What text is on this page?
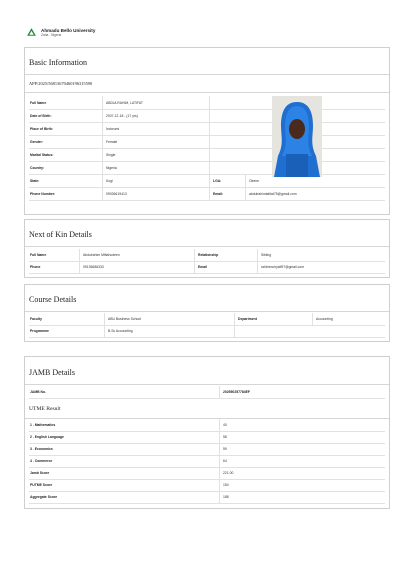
Ahmadu Bello University
Zaria - Nigeria
Basic Information
APP/2025/56813670460196315590
Full Name	ABDULRAHIM, LATIFAT
Date of Birth:	2007-12-18 - (17 yrs)
Place of Birth:	Indorumi
Gender:	Female
Marital Status:	Single
Country:	Nigeria
State:	Kogi	LGA:	Okene
Phone Number:	09026619413	Email:	abdulrahimlatifat75@gmail.com
Next of Kin Details
Full Name	Abdulrahim Miftahudeen	Relationship	Sibling
Phone	09135686333	Email	rahimmuhyati97@gmail.com
Course Details
Faculty	ABU Business School	Department	Accounting
Programme	B.Sc Accounting
JAMB Details
JAMB No.	20255025778​4EF
UTME Result
1 . Mathematics	40
2 . English Language	58
3 . Economics	59
4 . Commerce	64
Jamb Score	221.00
PUTME Score	154
Aggregate Score	188
